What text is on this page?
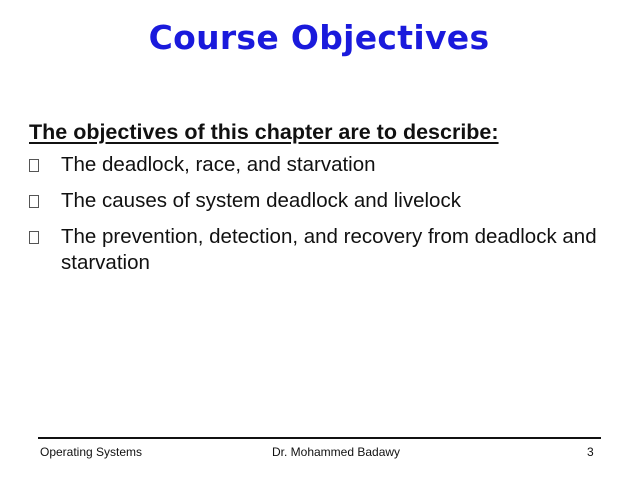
Course Objectives
The objectives of this chapter are to describe:
The deadlock, race, and starvation
The causes of system deadlock and livelock
The prevention, detection, and recovery from deadlock and starvation
Operating Systems	Dr. Mohammed Badawy	3
